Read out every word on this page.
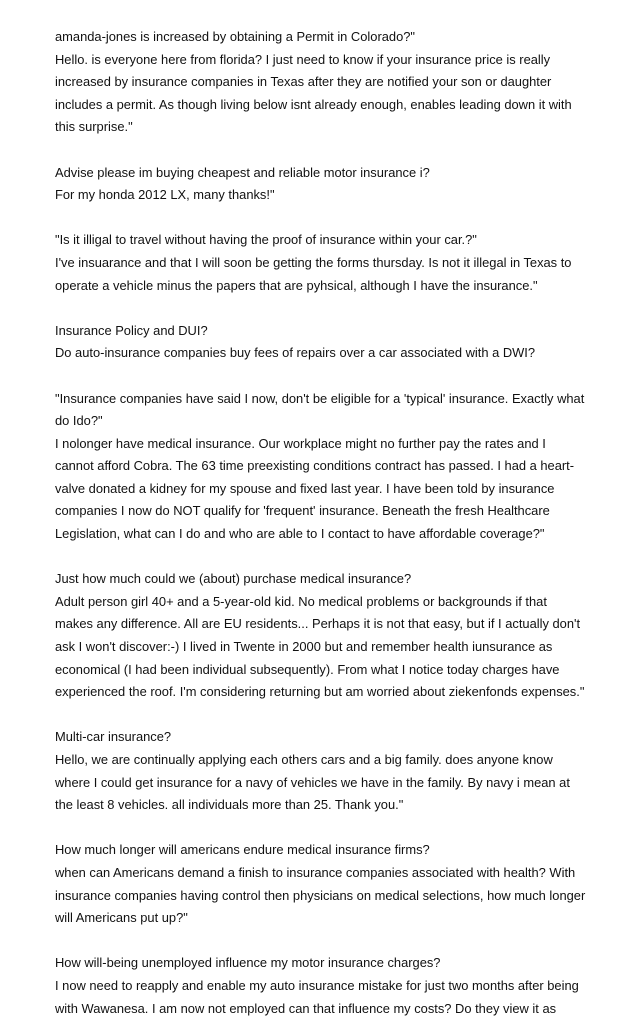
amanda-jones is increased by obtaining a Permit in Colorado?"
Hello. is everyone here from florida? I just need to know if your insurance price is really
increased by insurance companies in Texas after they are notified your son or daughter
includes a permit. As though living below isnt already enough, enables leading down it with
this surprise."
Advise please im buying cheapest and reliable motor insurance i?
For my honda 2012 LX, many thanks!"
"Is it illigal to travel without having the proof of insurance within your car.?"
I've insuarance and that I will soon be getting the forms thursday. Is not it illegal in Texas to
operate a vehicle minus the papers that are pyhsical, although I have the insurance."
Insurance Policy and DUI?
Do auto-insurance companies buy fees of repairs over a car associated with a DWI?
"Insurance companies have said I now, don't be eligible for a 'typical' insurance. Exactly what
do Ido?"
I nolonger have medical insurance. Our workplace might no further pay the rates and I
cannot afford Cobra. The 63 time preexisting conditions contract has passed. I had a heart-
valve donated a kidney for my spouse and fixed last year. I have been told by insurance
companies I now do NOT qualify for 'frequent' insurance. Beneath the fresh Healthcare
Legislation, what can I do and who are able to I contact to have affordable coverage?"
Just how much could we (about) purchase medical insurance?
Adult person girl 40+ and a 5-year-old kid. No medical problems or backgrounds if that
makes any difference. All are EU residents... Perhaps it is not that easy, but if I actually don't
ask I won't discover:-) I lived in Twente in 2000 but and remember health iunsurance as
economical (I had been individual subsequently). From what I notice today charges have
experienced the roof. I'm considering returning but am worried about ziekenfonds expenses."
Multi-car insurance?
Hello, we are continually applying each others cars and a big family. does anyone know
where I could get insurance for a navy of vehicles we have in the family. By navy i mean at
the least 8 vehicles. all individuals more than 25. Thank you."
How much longer will americans endure medical insurance firms?
when can Americans demand a finish to insurance companies associated with health? With
insurance companies having control then physicians on medical selections, how much longer
will Americans put up?"
How will-being unemployed influence my motor insurance charges?
I now need to reapply and enable my auto insurance mistake for just two months after being
with Wawanesa. I am now not employed can that influence my costs? Do they view it as
